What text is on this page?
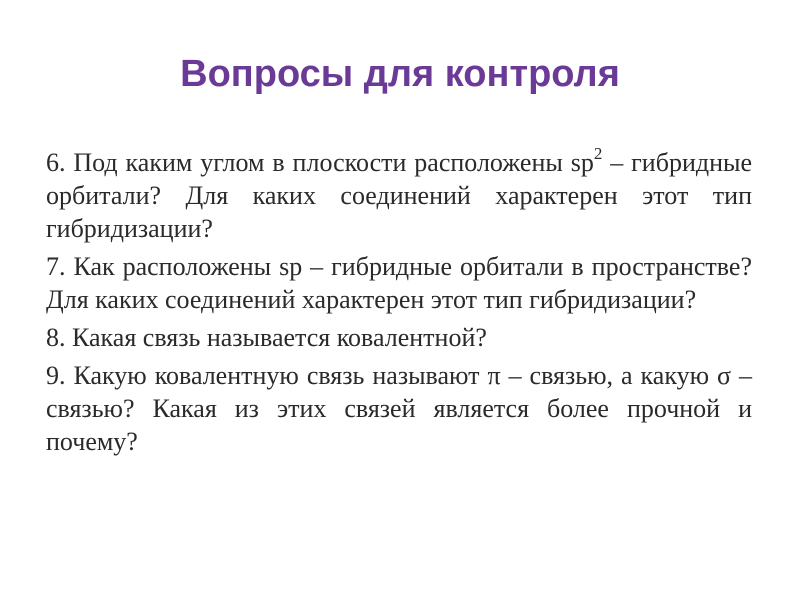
Вопросы для контроля

6. Под каким углом в плоскости расположены $sp^2$ – гибридные орбитали? Для каких соединений характерен этот тип гибридизации?

7. Как расположены sp – гибридные орбитали в пространстве? Для каких соединений характерен этот тип гибридизации?

8. Какая связь называется ковалентной?

9. Какую ковалентную связь называют π – связью, а какую σ – связью? Какая из этих связей является более прочной и почему?
